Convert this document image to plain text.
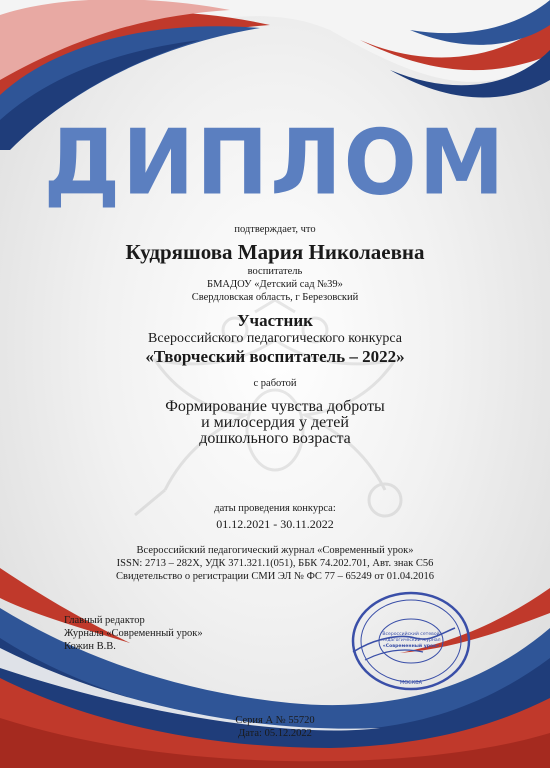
ДИПЛОМ
подтверждает, что
Кудряшова Мария Николаевна
воспитатель
БМАДОУ «Детский сад №39»
Свердловская область, г Березовский
Участник
Всероссийского педагогического конкурса
«Творческий воспитатель – 2022»
с работой
Формирование чувства доброты
и милосердия у детей
дошкольного возраста
даты проведения конкурса:
01.12.2021 - 30.11.2022
Всероссийский педагогический журнал «Современный урок»
ISSN: 2713 – 282X, УДК 371.321.1(051), ББК 74.202.701, Авт. знак С56
Свидетельство о регистрации СМИ ЭЛ № ФС 77 – 65249 от 01.04.2016
Главный редактор
Журнала «Современный урок»
Кожин В.В.
Всероссийский сетевой
педагогический журнал
«Современный урок»
МОСКВА
Серия А № 55720
Дата: 05.12.2022
